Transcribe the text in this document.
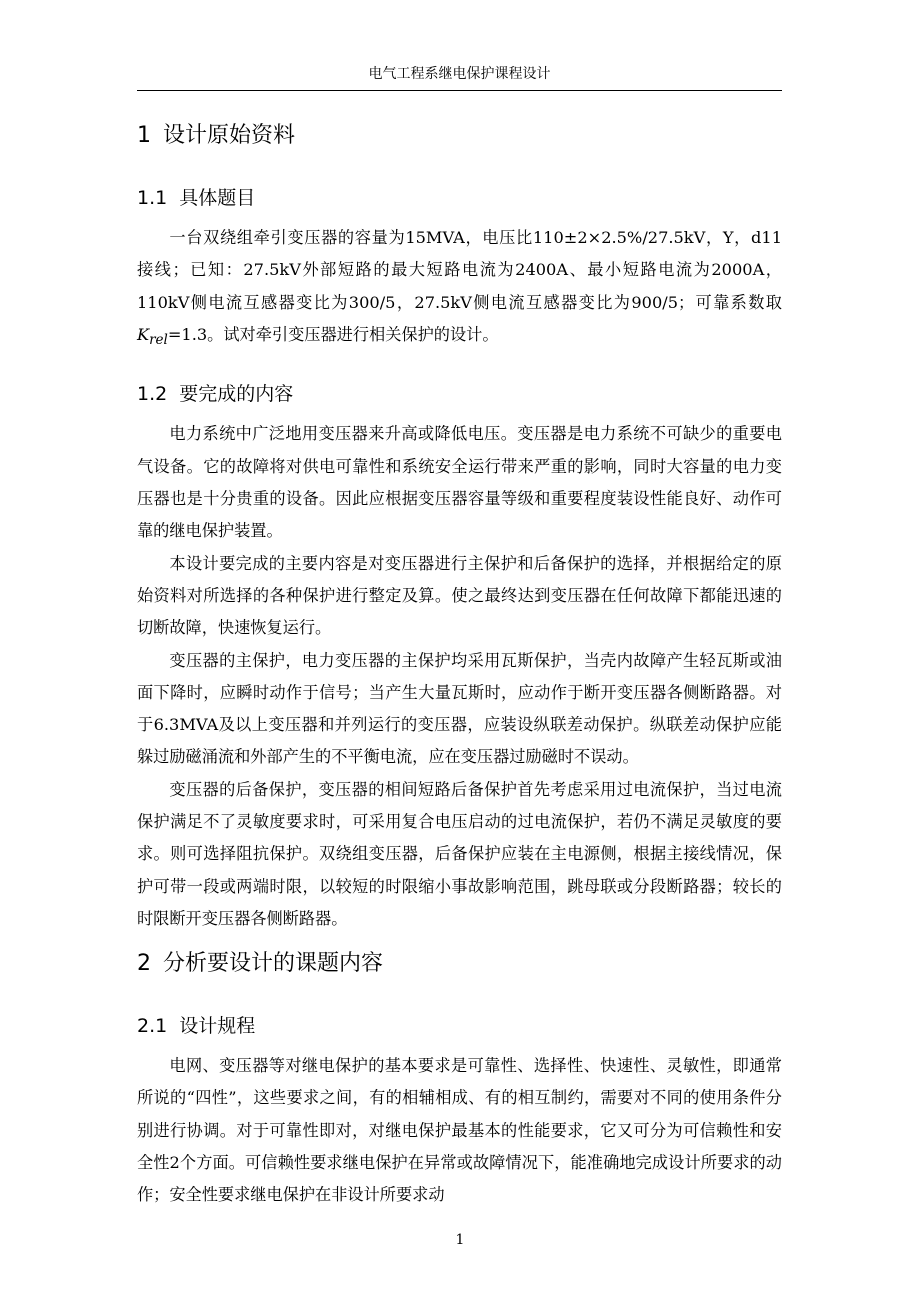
电气工程系继电保护课程设计
1 设计原始资料
1.1 具体题目

一台双绕组牵引变压器的容量为15MVA，电压比110±2×2.5%/27.5kV，Y，d11接线；已知：27.5kV外部短路的最大短路电流为2400A、最小短路电流为2000A，110kV侧电流互感器变比为300/5，27.5kV侧电流互感器变比为900/5；可靠系数取$K_{rel}=1.3$。试对牵引变压器进行相关保护的设计。

1.2 要完成的内容

电力系统中广泛地用变压器来升高或降低电压。变压器是电力系统不可缺少的重要电气设备。它的故障将对供电可靠性和系统安全运行带来严重的影响，同时大容量的电力变压器也是十分贵重的设备。因此应根据变压器容量等级和重要程度装设性能良好、动作可靠的继电保护装置。

本设计要完成的主要内容是对变压器进行主保护和后备保护的选择，并根据给定的原始资料对所选择的各种保护进行整定及算。使之最终达到变压器在任何故障下都能迅速的切断故障，快速恢复运行。

变压器的主保护，电力变压器的主保护均采用瓦斯保护，当壳内故障产生轻瓦斯或油面下降时，应瞬时动作于信号；当产生大量瓦斯时，应动作于断开变压器各侧断路器。对于6.3MVA及以上变压器和并列运行的变压器，应装设纵联差动保护。纵联差动保护应能躲过励磁涌流和外部产生的不平衡电流，应在变压器过励磁时不误动。

变压器的后备保护，变压器的相间短路后备保护首先考虑采用过电流保护，当过电流保护满足不了灵敏度要求时，可采用复合电压启动的过电流保护，若仍不满足灵敏度的要求。则可选择阻抗保护。双绕组变压器，后备保护应装在主电源侧，根据主接线情况，保护可带一段或两端时限，以较短的时限缩小事故影响范围，跳母联或分段断路器；较长的时限断开变压器各侧断路器。

2 分析要设计的课题内容
2.1 设计规程

电网、变压器等对继电保护的基本要求是可靠性、选择性、快速性、灵敏性，即通常所说的“四性”，这些要求之间，有的相辅相成、有的相互制约，需要对不同的使用条件分别进行协调。对于可靠性即对，对继电保护最基本的性能要求，它又可分为可信赖性和安全性2个方面。可信赖性要求继电保护在异常或故障情况下，能准确地完成设计所要求的动作；安全性要求继电保护在非设计所要求动

1
